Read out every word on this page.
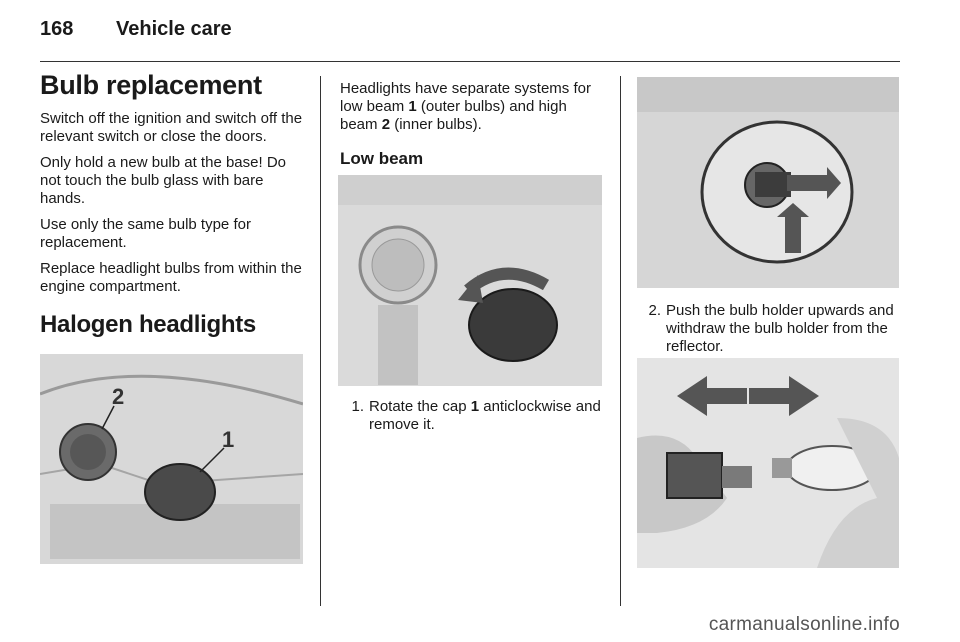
168	Vehicle care
Bulb replacement

Switch off the ignition and switch off the relevant switch or close the doors.

Only hold a new bulb at the base! Do not touch the bulb glass with bare hands.

Use only the same bulb type for replacement.

Replace headlight bulbs from within the engine compartment.

Halogen headlights
2
1

Headlights have separate systems for low beam 1 (outer bulbs) and high beam 2 (inner bulbs).

Low beam
1. Rotate the cap 1 anticlockwise and remove it.
2. Push the bulb holder upwards and withdraw the bulb holder from the reflector.
carmanualsonline.info
